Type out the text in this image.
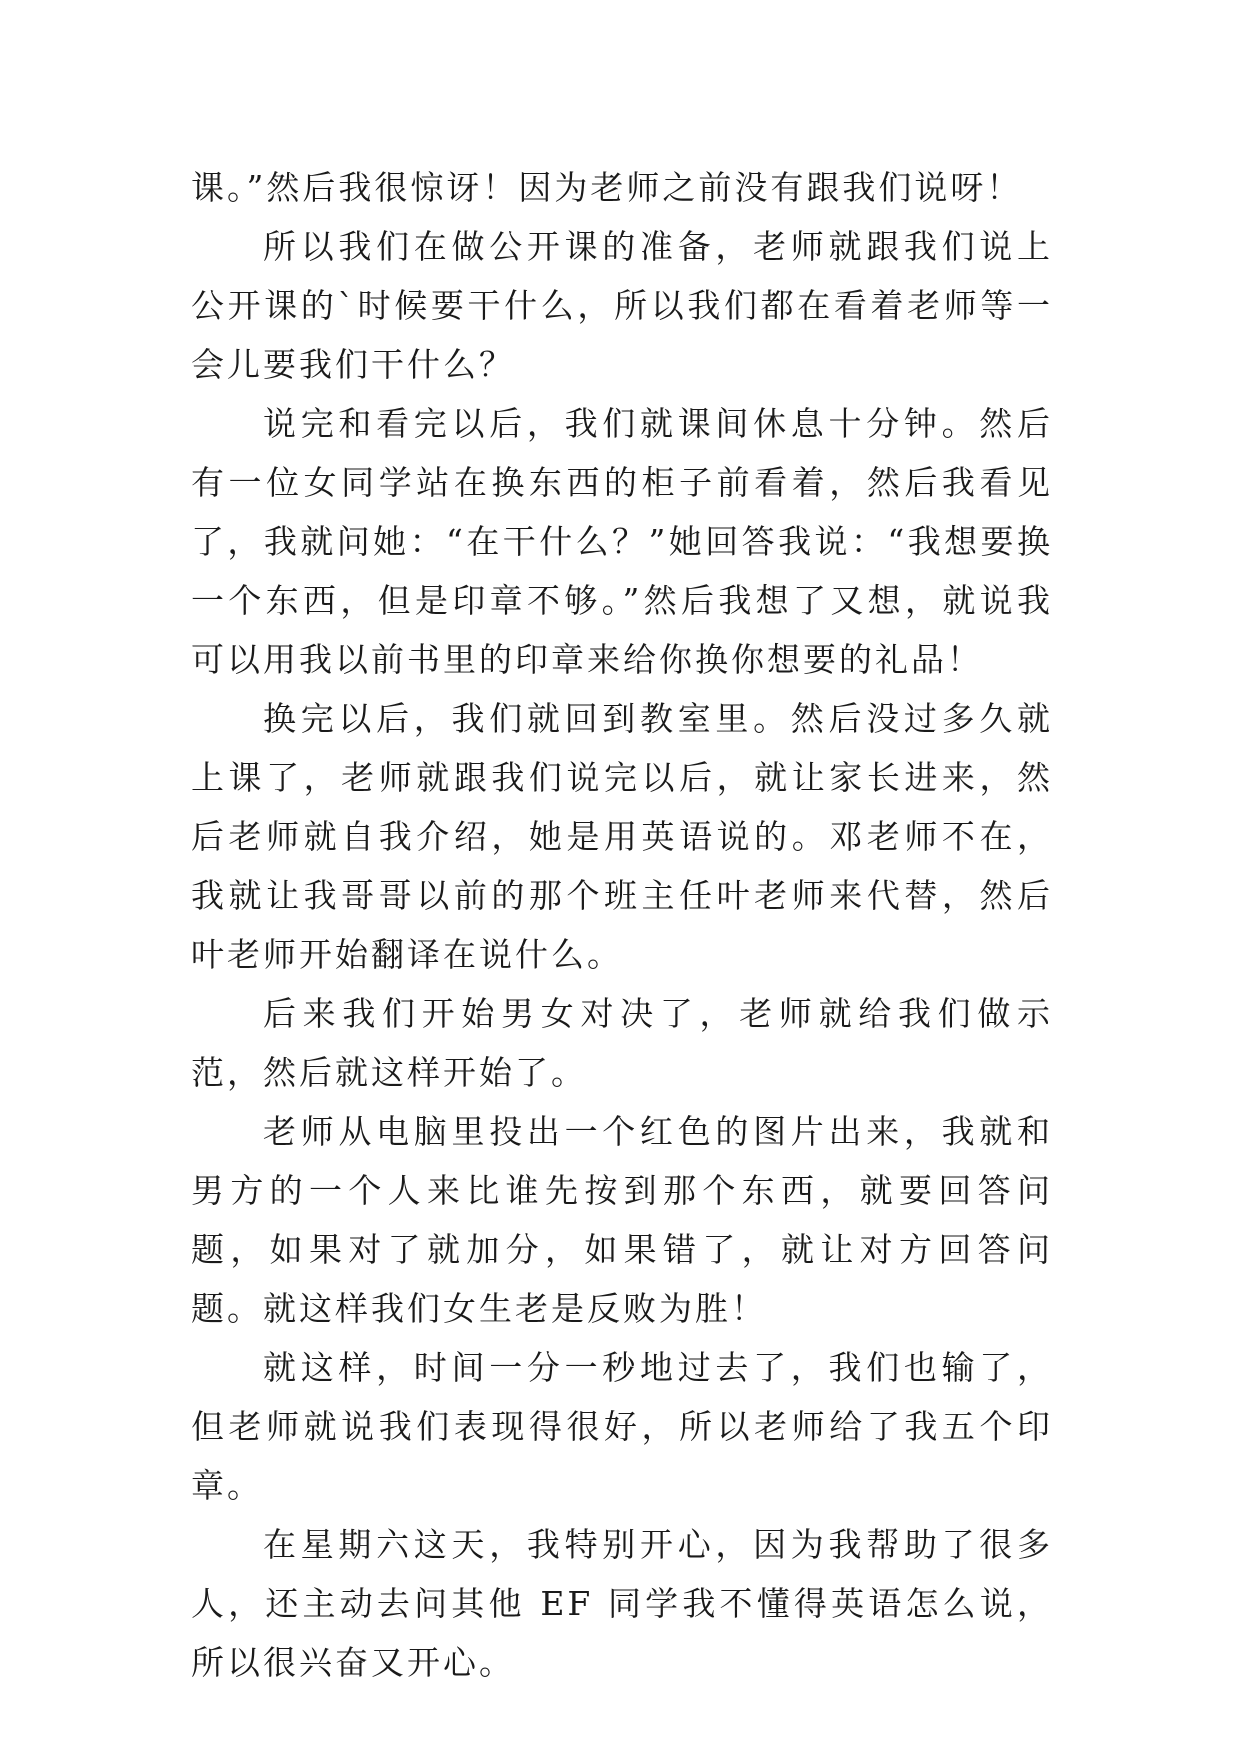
课。”然后我很惊讶！因为老师之前没有跟我们说呀！

所以我们在做公开课的准备，老师就跟我们说上公开课的`时候要干什么，所以我们都在看着老师等一会儿要我们干什么？

说完和看完以后，我们就课间休息十分钟。然后有一位女同学站在换东西的柜子前看着，然后我看见了，我就问她：“在干什么？”她回答我说：“我想要换一个东西，但是印章不够。”然后我想了又想，就说我可以用我以前书里的印章来给你换你想要的礼品！

换完以后，我们就回到教室里。然后没过多久就上课了，老师就跟我们说完以后，就让家长进来，然后老师就自我介绍，她是用英语说的。邓老师不在，我就让我哥哥以前的那个班主任叶老师来代替，然后叶老师开始翻译在说什么。

后来我们开始男女对决了，老师就给我们做示范，然后就这样开始了。

老师从电脑里投出一个红色的图片出来，我就和男方的一个人来比谁先按到那个东西，就要回答问题，如果对了就加分，如果错了，就让对方回答问题。就这样我们女生老是反败为胜！

就这样，时间一分一秒地过去了，我们也输了，但老师就说我们表现得很好，所以老师给了我五个印章。

在星期六这天，我特别开心，因为我帮助了很多人，还主动去问其他 EF 同学我不懂得英语怎么说，所以很兴奋又开心。
